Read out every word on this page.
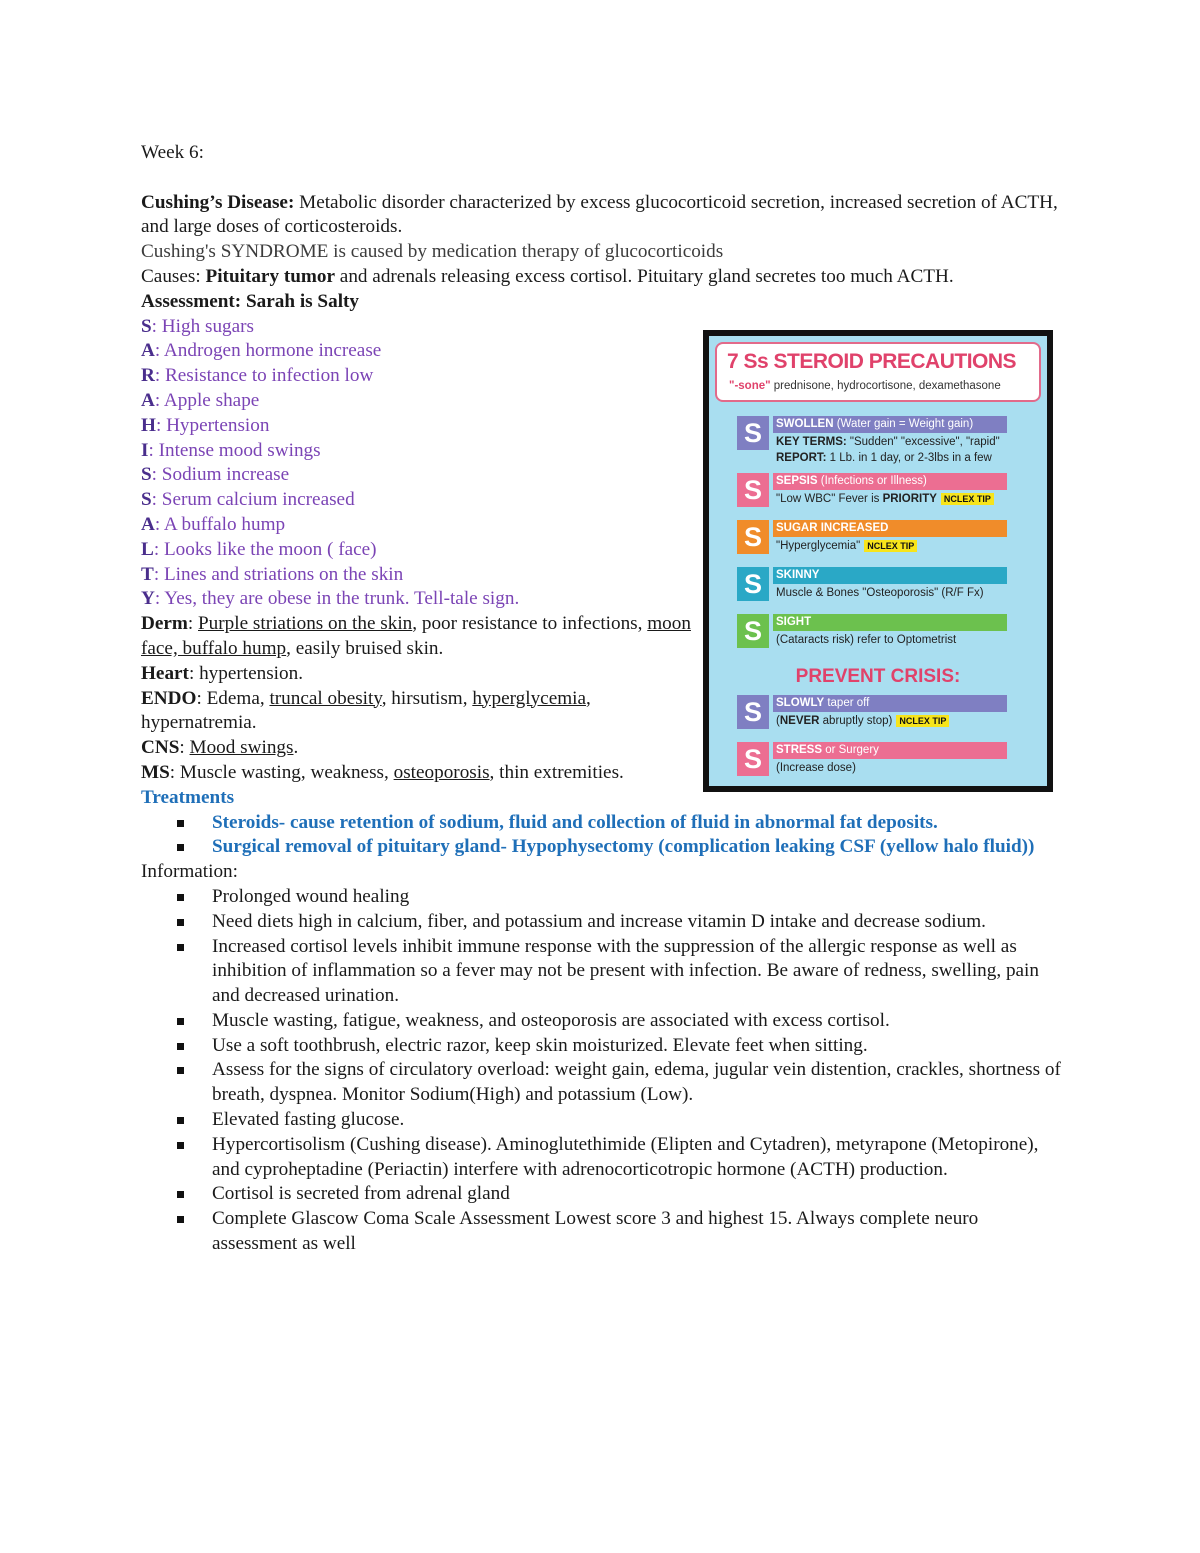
Week 6:
Cushing’s Disease: Metabolic disorder characterized by excess glucocorticoid secretion, increased secretion of ACTH, and large doses of corticosteroids.
Cushing's SYNDROME is caused by medication therapy of glucocorticoids
Causes: Pituitary tumor and adrenals releasing excess cortisol. Pituitary gland secretes too much ACTH.
Assessment: Sarah is Salty
S: High sugars
A: Androgen hormone increase
R: Resistance to infection low
A: Apple shape
H: Hypertension
I: Intense mood swings
S: Sodium increase
S: Serum calcium increased
A: A buffalo hump
L: Looks like the moon ( face)
T: Lines and striations on the skin
Y: Yes, they are obese in the trunk. Tell-tale sign.
Derm: Purple striations on the skin, poor resistance to infections, moon face, buffalo hump, easily bruised skin.
Heart: hypertension.
ENDO: Edema, truncal obesity, hirsutism, hyperglycemia, hypernatremia.
CNS: Mood swings.
MS: Muscle wasting, weakness, osteoporosis, thin extremities.
Treatments
Steroids- cause retention of sodium, fluid and collection of fluid in abnormal fat deposits.
Surgical removal of pituitary gland- Hypophysectomy (complication leaking CSF (yellow halo fluid))
Information:
Prolonged wound healing
Need diets high in calcium, fiber, and potassium and increase vitamin D intake and decrease sodium.
Increased cortisol levels inhibit immune response with the suppression of the allergic response as well as inhibition of inflammation so a fever may not be present with infection. Be aware of redness, swelling, pain and decreased urination.
Muscle wasting, fatigue, weakness, and osteoporosis are associated with excess cortisol.
Use a soft toothbrush, electric razor, keep skin moisturized. Elevate feet when sitting.
Assess for the signs of circulatory overload: weight gain, edema, jugular vein distention, crackles, shortness of breath, dyspnea. Monitor Sodium(High) and potassium (Low).
Elevated fasting glucose.
Hypercortisolism (Cushing disease). Aminoglutethimide (Elipten and Cytadren), metyrapone (Metopirone), and cyproheptadine (Periactin) interfere with adrenocorticotropic hormone (ACTH) production.
Cortisol is secreted from adrenal gland
Complete Glascow Coma Scale Assessment Lowest score 3 and highest 15. Always complete neuro assessment as well
7 Ss STEROID PRECAUTIONS
"-sone" prednisone, hydrocortisone, dexamethasone
S	SWOLLEN (Water gain = Weight gain)
KEY TERMS: "Sudden" "excessive", "rapid"
REPORT: 1 Lb. in 1 day, or 2-3lbs in a few
S	SEPSIS (Infections or Illness)
"Low WBC" Fever is PRIORITY NCLEX TIP
S	SUGAR INCREASED
"Hyperglycemia" NCLEX TIP
S	SKINNY
Muscle & Bones "Osteoporosis" (R/F Fx)
S	SIGHT
(Cataracts risk) refer to Optometrist
PREVENT CRISIS:
S	SLOWLY taper off
(NEVER abruptly stop) NCLEX TIP
S	STRESS or Surgery
(Increase dose)
